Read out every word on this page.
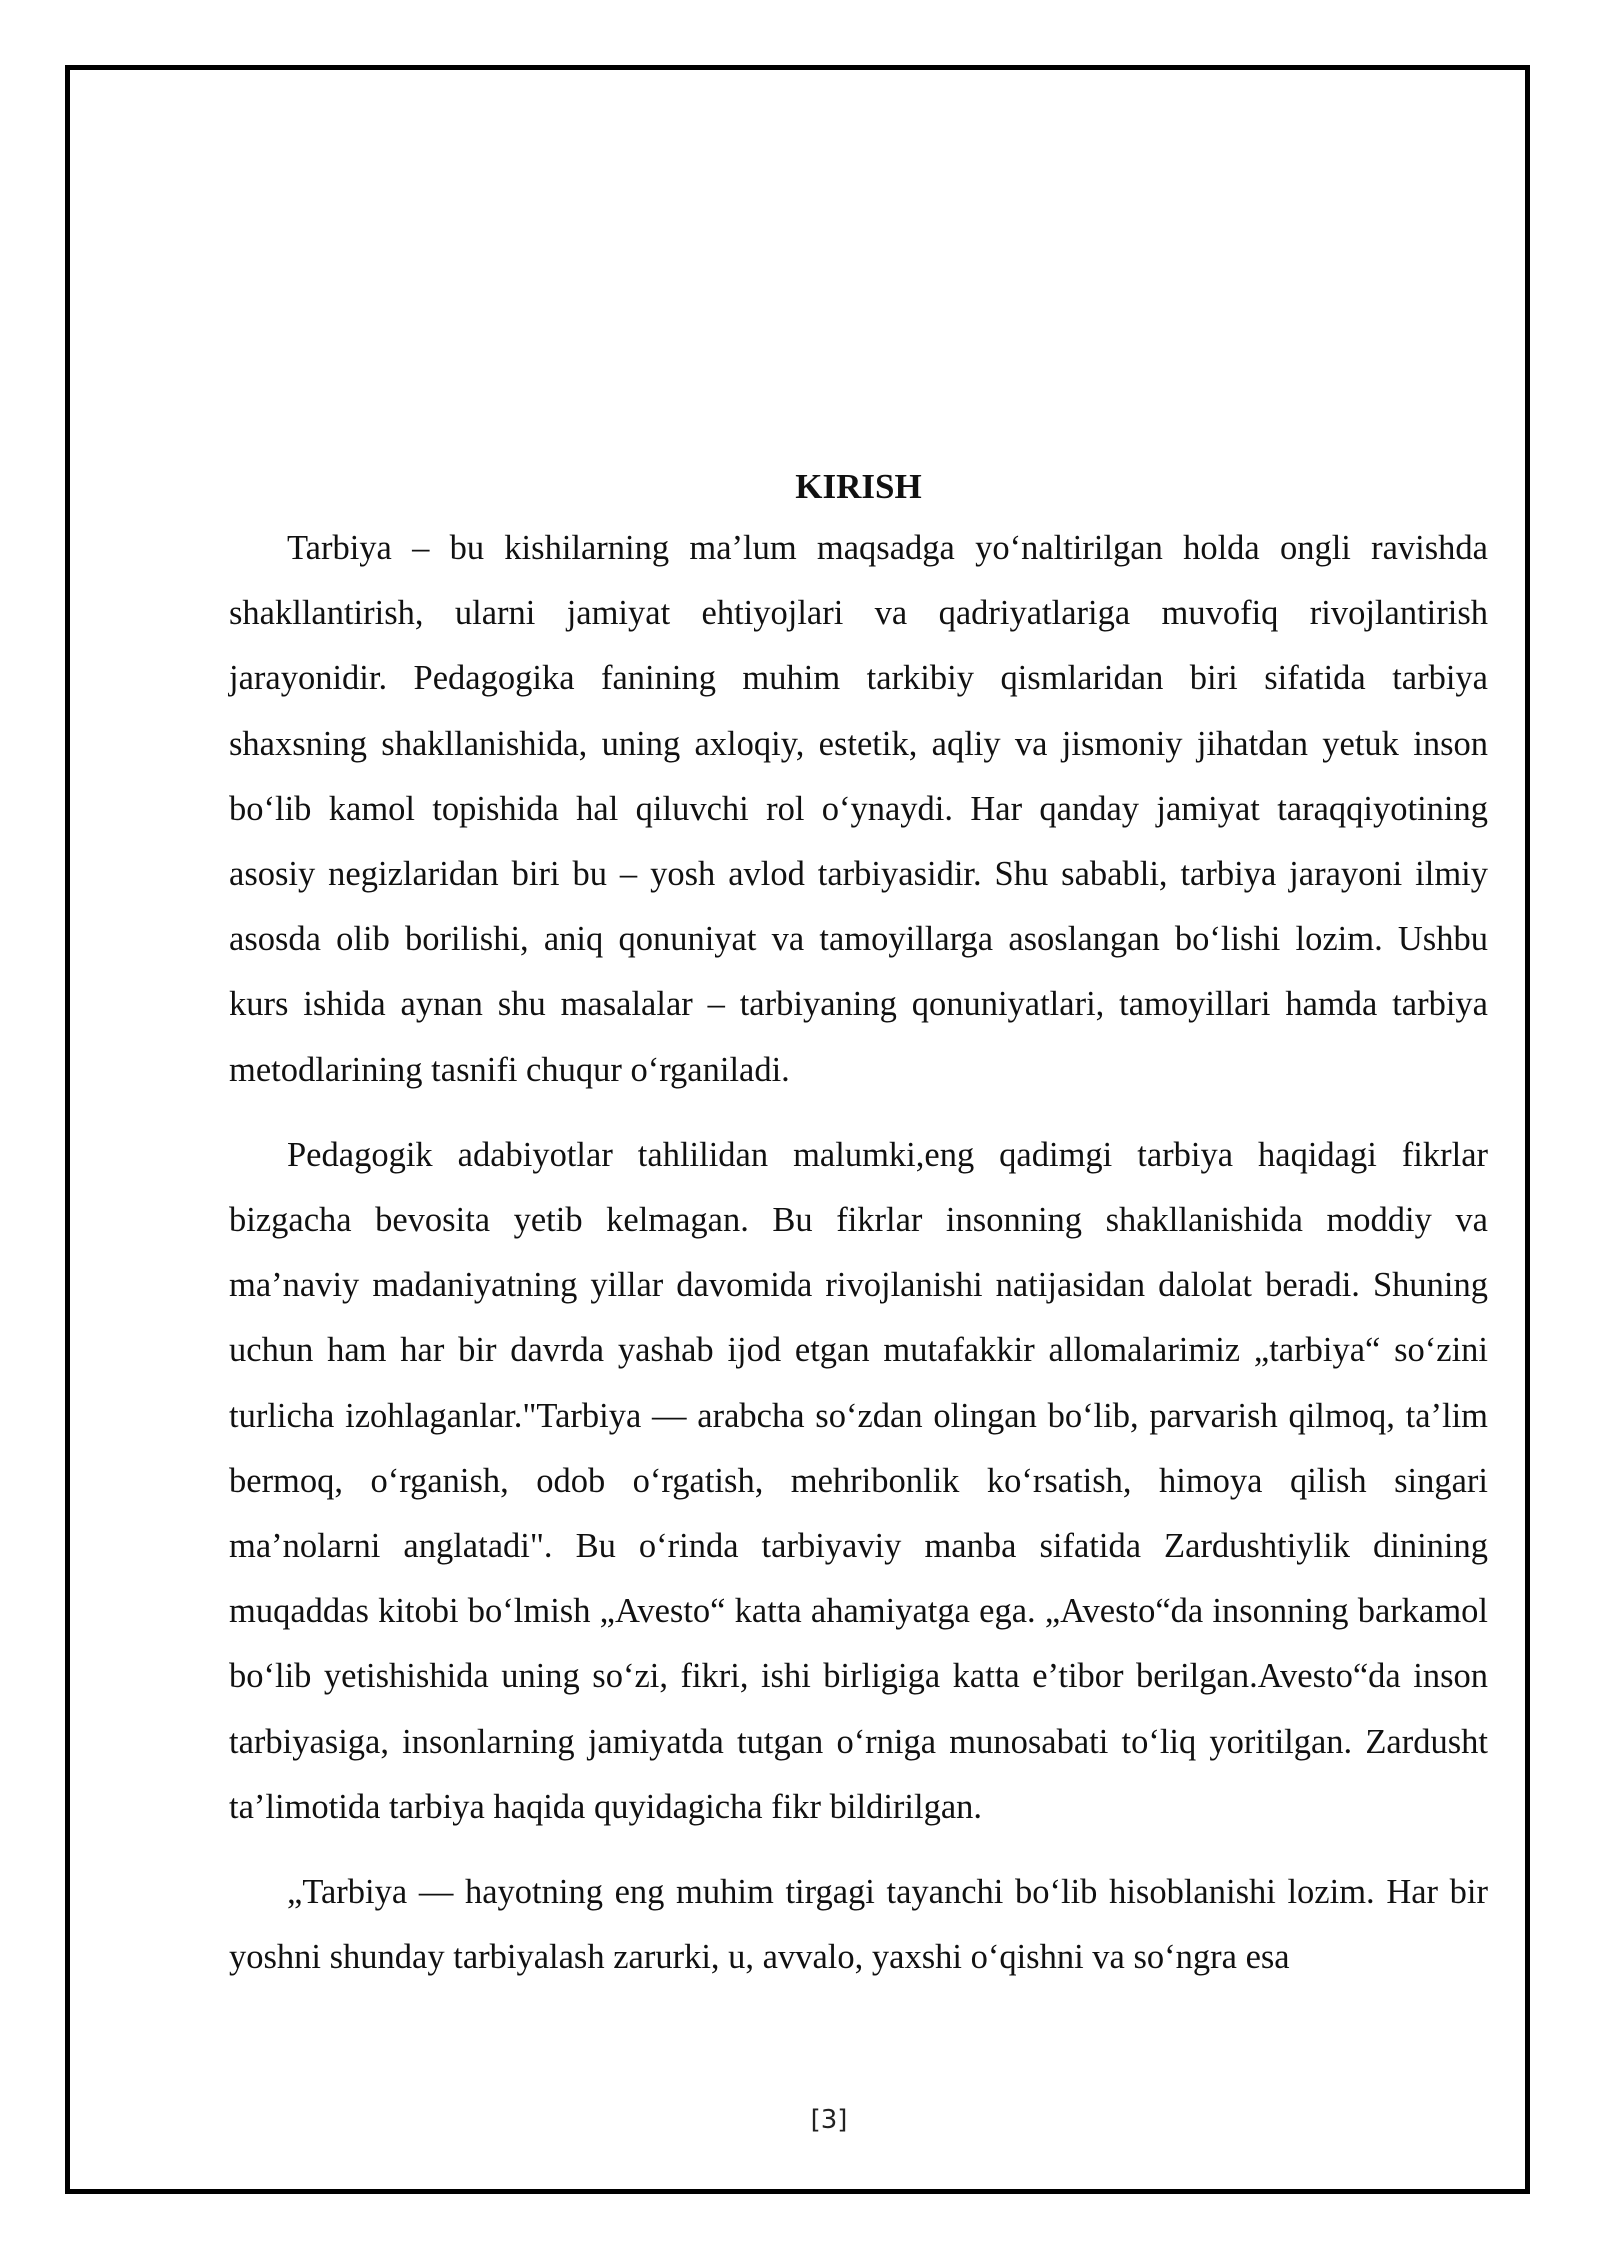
KIRISH

Tarbiya – bu kishilarning ma’lum maqsadga yo‘naltirilgan holda ongli ravishda shakllantirish, ularni jamiyat ehtiyojlari va qadriyatlariga muvofiq rivojlantirish jarayonidir. Pedagogika fanining muhim tarkibiy qismlaridan biri sifatida tarbiya shaxsning shakllanishida, uning axloqiy, estetik, aqliy va jismoniy jihatdan yetuk inson bo‘lib kamol topishida hal qiluvchi rol o‘ynaydi. Har qanday jamiyat taraqqiyotining asosiy negizlaridan biri bu – yosh avlod tarbiyasidir. Shu sababli, tarbiya jarayoni ilmiy asosda olib borilishi, aniq qonuniyat va tamoyillarga asoslangan bo‘lishi lozim. Ushbu kurs ishida aynan shu masalalar – tarbiyaning qonuniyatlari, tamoyillari hamda tarbiya metodlarining tasnifi chuqur o‘rganiladi.

Pedagogik adabiyotlar tahlilidan malumki,eng qadimgi tarbiya haqidagi fikrlar bizgacha bevosita yetib kelmagan. Bu fikrlar insonning shakllanishida moddiy va ma’naviy madaniyatning yillar davomida rivojlanishi natijasidan dalolat beradi. Shuning uchun ham har bir davrda yashab ijod etgan mutafakkir allomalarimiz „tarbiya“ so‘zini turlicha izohlaganlar."Tarbiya — arabcha so‘zdan olingan bo‘lib, parvarish qilmoq, ta’lim bermoq, o‘rganish, odob o‘rgatish, mehribonlik ko‘rsatish, himoya qilish singari ma’nolarni anglatadi". Bu o‘rinda tarbiyaviy manba sifatida Zardushtiylik dinining muqaddas kitobi bo‘lmish „Avesto“ katta ahamiyatga ega. „Avesto“da insonning barkamol bo‘lib yetishishida uning so‘zi, fikri, ishi birligiga katta e’tibor berilgan.Avesto“da inson tarbiyasiga, insonlarning jamiyatda tutgan o‘rniga munosabati to‘liq yoritilgan. Zardusht ta’limotida tarbiya haqida quyidagicha fikr bildirilgan.

„Tarbiya — hayotning eng muhim tirgagi tayanchi bo‘lib hisoblanishi lozim. Har bir yoshni shunday tarbiyalash zarurki, u, avvalo, yaxshi o‘qishni va so‘ngra esa

[3]
